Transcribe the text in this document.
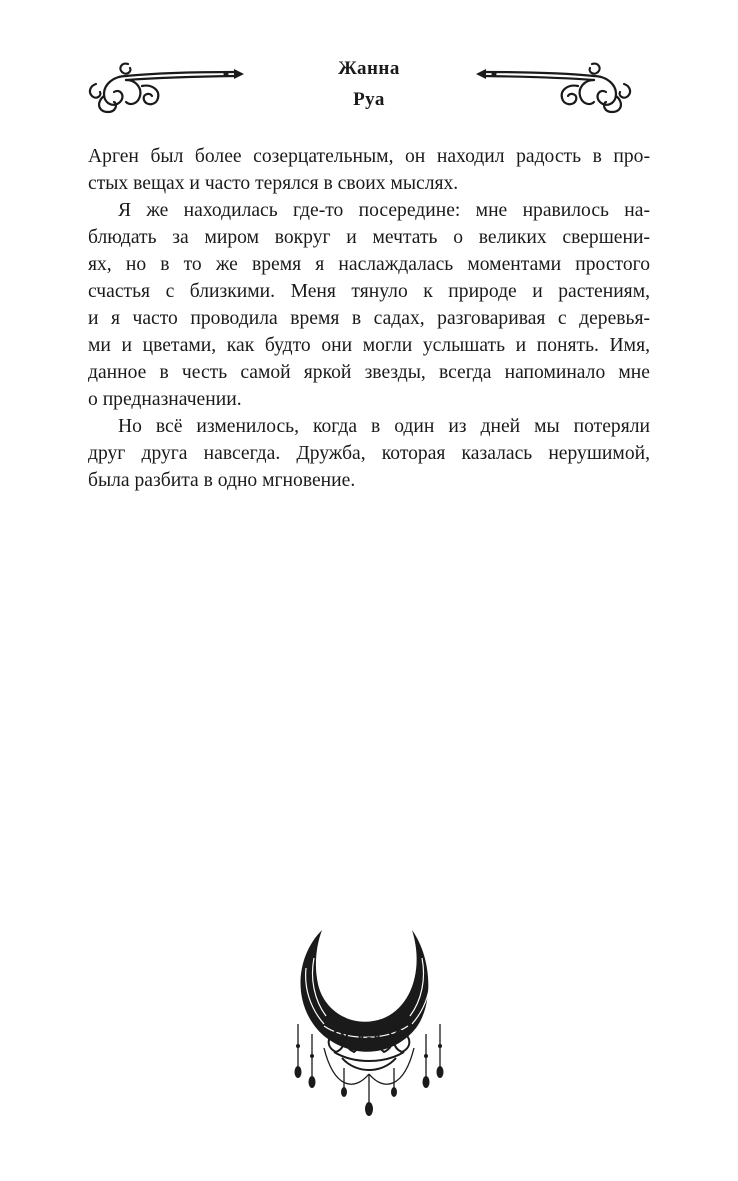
Жанна
Руа

Арген был более созерцательным, он находил радость в про-
стых вещах и часто терялся в своих мыслях.

Я же находилась где-то посередине: мне нравилось на-
блюдать за миром вокруг и мечтать о великих свершени-
ях, но в то же время я наслаждалась моментами простого
счастья с близкими. Меня тянуло к природе и растениям,
и я часто проводила время в садах, разговаривая с деревья-
ми и цветами, как будто они могли услышать и понять. Имя,
данное в честь самой яркой звезды, всегда напоминало мне
о предназначении.

Но всё изменилось, когда в один из дней мы потеряли
друг друга навсегда. Дружба, которая казалась нерушимой,
была разбита в одно мгновение.
